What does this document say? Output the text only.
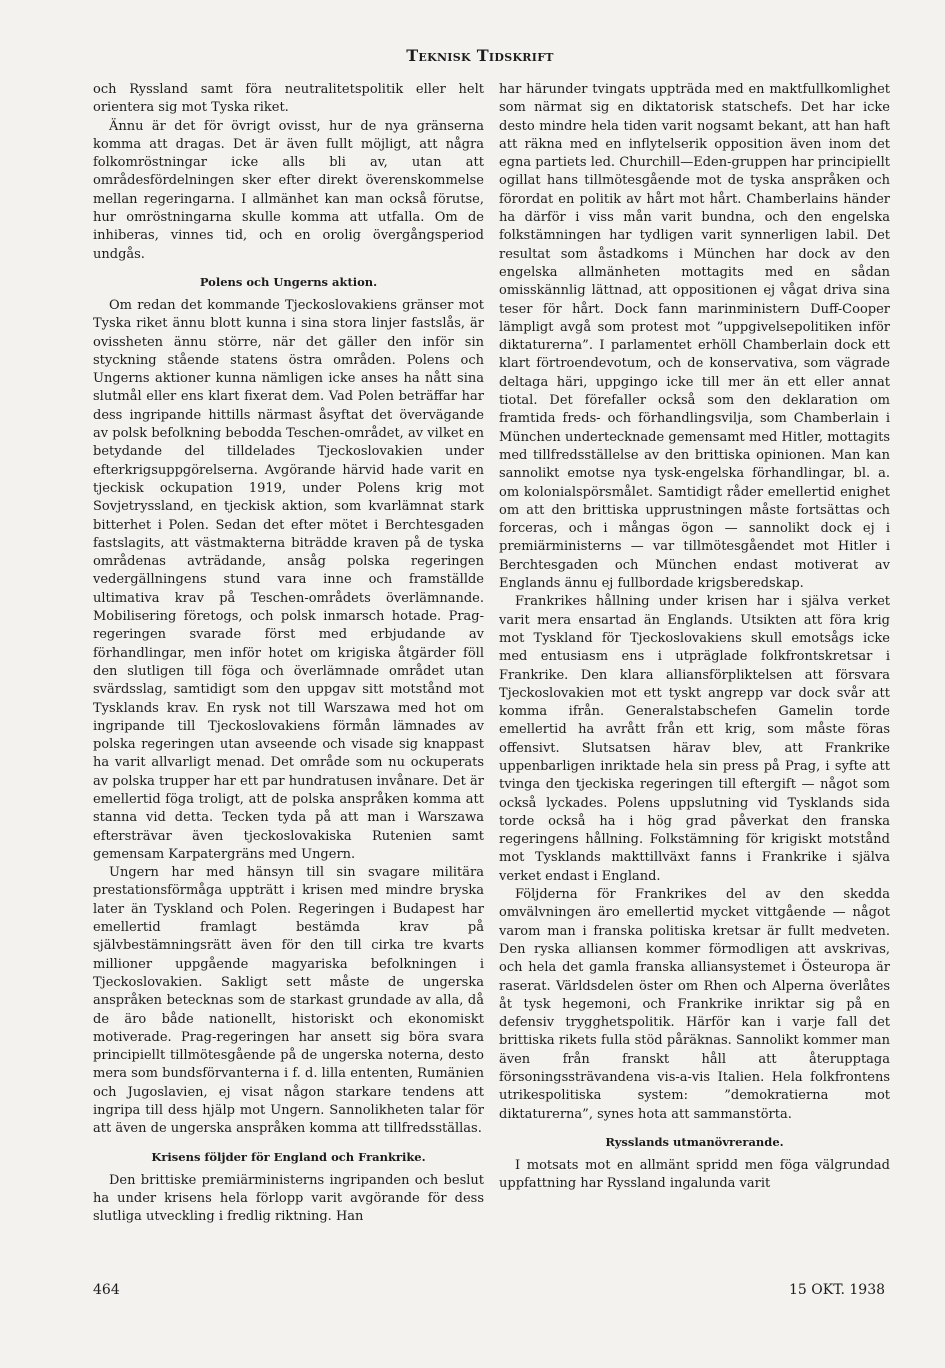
Teknisk Tidskrift

och Ryssland samt föra neutralitetspolitik eller helt orientera sig mot Tyska riket.

Ännu är det för övrigt ovisst, hur de nya gränserna komma att dragas. Det är även fullt möjligt, att några folkomröstningar icke alls bli av, utan att områdesfördelningen sker efter direkt överenskommelse mellan regeringarna. I allmänhet kan man också förutse, hur omröstningarna skulle komma att utfalla. Om de inhiberas, vinnes tid, och en orolig övergångsperiod undgås.

Polens och Ungerns aktion.

Om redan det kommande Tjeckoslovakiens gränser mot Tyska riket ännu blott kunna i sina stora linjer fastslås, är ovissheten ännu större, när det gäller den inför sin styckning stående statens östra områden. Polens och Ungerns aktioner kunna nämligen icke anses ha nått sina slutmål eller ens klart fixerat dem. Vad Polen beträffar har dess ingripande hittills närmast åsyftat det övervägande av polsk befolkning bebodda Teschen-området, av vilket en betydande del tilldelades Tjeckoslovakien under efterkrigsuppgörelserna. Avgörande härvid hade varit en tjeckisk ockupation 1919, under Polens krig mot Sovjetryssland, en tjeckisk aktion, som kvarlämnat stark bitterhet i Polen. Sedan det efter mötet i Berchtesgaden fastslagits, att västmakterna biträdde kraven på de tyska områdenas avträdande, ansåg polska regeringen vedergällningens stund vara inne och framställde ultimativa krav på Teschen-områdets överlämnande. Mobilisering företogs, och polsk inmarsch hotade. Prag-regeringen svarade först med erbjudande av förhandlingar, men inför hotet om krigiska åtgärder föll den slutligen till föga och överlämnade området utan svärdsslag, samtidigt som den uppgav sitt motstånd mot Tysklands krav. En rysk not till Warszawa med hot om ingripande till Tjeckoslovakiens förmån lämnades av polska regeringen utan avseende och visade sig knappast ha varit allvarligt menad. Det område som nu ockuperats av polska trupper har ett par hundratusen invånare. Det är emellertid föga troligt, att de polska anspråken komma att stanna vid detta. Tecken tyda på att man i Warszawa eftersträvar även tjeckoslovakiska Rutenien samt gemensam Karpatergräns med Ungern.

Ungern har med hänsyn till sin svagare militära prestationsförmåga uppträtt i krisen med mindre bryska later än Tyskland och Polen. Regeringen i Budapest har emellertid framlagt bestämda krav på självbestämningsrätt även för den till cirka tre kvarts millioner uppgående magyariska befolkningen i Tjeckoslovakien. Sakligt sett måste de ungerska anspråken betecknas som de starkast grundade av alla, då de äro både nationellt, historiskt och ekonomiskt motiverade. Prag-regeringen har ansett sig böra svara principiellt tillmötesgående på de ungerska noterna, desto mera som bundsförvanterna i f. d. lilla ententen, Rumänien och Jugoslavien, ej visat någon starkare tendens att ingripa till dess hjälp mot Ungern. Sannolikheten talar för att även de ungerska anspråken komma att tillfredsställas.

Krisens följder för England och Frankrike.

Den brittiske premiärministerns ingripanden och beslut ha under krisens hela förlopp varit avgörande för dess slutliga utveckling i fredlig riktning. Han

har härunder tvingats uppträda med en maktfullkomlighet som närmat sig en diktatorisk statschefs. Det har icke desto mindre hela tiden varit nogsamt bekant, att han haft att räkna med en inflytelserik opposition även inom det egna partiets led. Churchill—Eden-gruppen har principiellt ogillat hans tillmötesgående mot de tyska anspråken och förordat en politik av hårt mot hårt. Chamberlains händer ha därför i viss mån varit bundna, och den engelska folkstämningen har tydligen varit synnerligen labil. Det resultat som åstadkoms i München har dock av den engelska allmänheten mottagits med en sådan omisskännlig lättnad, att oppositionen ej vågat driva sina teser för hårt. Dock fann marinministern Duff-Cooper lämpligt avgå som protest mot ”uppgivelsepolitiken inför diktaturerna”. I parlamentet erhöll Chamberlain dock ett klart förtroendevotum, och de konservativa, som vägrade deltaga häri, uppgingo icke till mer än ett eller annat tiotal. Det förefaller också som den deklaration om framtida freds- och förhandlingsvilja, som Chamberlain i München undertecknade gemensamt med Hitler, mottagits med tillfredsställelse av den brittiska opinionen. Man kan sannolikt emotse nya tysk-engelska förhandlingar, bl. a. om kolonialspörsmålet. Samtidigt råder emellertid enighet om att den brittiska upprustningen måste fortsättas och forceras, och i mångas ögon — sannolikt dock ej i premiärministerns — var tillmötesgåendet mot Hitler i Berchtesgaden och München endast motiverat av Englands ännu ej fullbordade krigsberedskap.

Frankrikes hållning under krisen har i själva verket varit mera ensartad än Englands. Utsikten att föra krig mot Tyskland för Tjeckoslovakiens skull emotsågs icke med entusiasm ens i utpräglade folkfrontskretsar i Frankrike. Den klara alliansförpliktelsen att försvara Tjeckoslovakien mot ett tyskt angrepp var dock svår att komma ifrån. Generalstabschefen Gamelin torde emellertid ha avrått från ett krig, som måste föras offensivt. Slutsatsen härav blev, att Frankrike uppenbarligen inriktade hela sin press på Prag, i syfte att tvinga den tjeckiska regeringen till eftergift — något som också lyckades. Polens uppslutning vid Tysklands sida torde också ha i hög grad påverkat den franska regeringens hållning. Folkstämning för krigiskt motstånd mot Tysklands makttillväxt fanns i Frankrike i själva verket endast i England.

Följderna för Frankrikes del av den skedda omvälvningen äro emellertid mycket vittgående — något varom man i franska politiska kretsar är fullt medveten. Den ryska alliansen kommer förmodligen att avskrivas, och hela det gamla franska alliansystemet i Östeuropa är raserat. Världsdelen öster om Rhen och Alperna överlåtes åt tysk hegemoni, och Frankrike inriktar sig på en defensiv trygghetspolitik. Härför kan i varje fall det brittiska rikets fulla stöd påräknas. Sannolikt kommer man även från franskt håll att återupptaga försoningssträvandena vis-a-vis Italien. Hela folkfrontens utrikespolitiska system: ”demokratierna mot diktaturerna”, synes hota att sammanstörta.

Rysslands utmanövrerande.

I motsats mot en allmänt spridd men föga välgrundad uppfattning har Ryssland ingalunda varit

464	15 OKT. 1938
